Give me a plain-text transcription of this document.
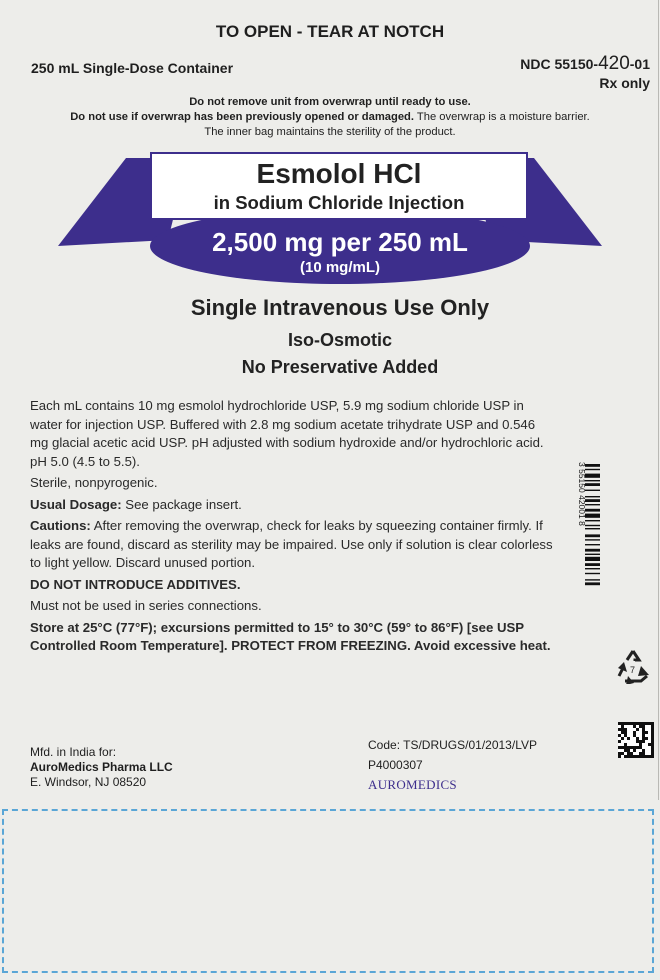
TO OPEN - TEAR AT NOTCH
250 mL Single-Dose Container	NDC 55150-420-01
Rx only
Do not remove unit from overwrap until ready to use.
Do not use if overwrap has been previously opened or damaged. The overwrap is a moisture barrier.
The inner bag maintains the sterility of the product.
Esmolol HCl
in Sodium Chloride Injection
2,500 mg per 250 mL
(10 mg/mL)
Single Intravenous Use Only
Iso-Osmotic
No Preservative Added

Each mL contains 10 mg esmolol hydrochloride USP, 5.9 mg sodium chloride USP in water for injection USP. Buffered with 2.8 mg sodium acetate trihydrate USP and 0.546 mg glacial acetic acid USP. pH adjusted with sodium hydroxide and/or hydrochloric acid. pH 5.0 (4.5 to 5.5).

Sterile, nonpyrogenic.

Usual Dosage: See package insert.

Cautions: After removing the overwrap, check for leaks by squeezing container firmly. If leaks are found, discard as sterility may be impaired. Use only if solution is clear colorless to light yellow. Discard unused portion.

DO NOT INTRODUCE ADDITIVES.

Must not be used in series connections.

Store at 25°C (77°F); excursions permitted to 15° to 30°C (59° to 86°F) [see USP Controlled Room Temperature]. PROTECT FROM FREEZING. Avoid excessive heat.

3 55150 42001 8
7
Mfd. in India for:
AuroMedics Pharma LLC
E. Windsor, NJ 08520
Code: TS/DRUGS/01/2013/LVP
P4000307
AUROMEDICS
